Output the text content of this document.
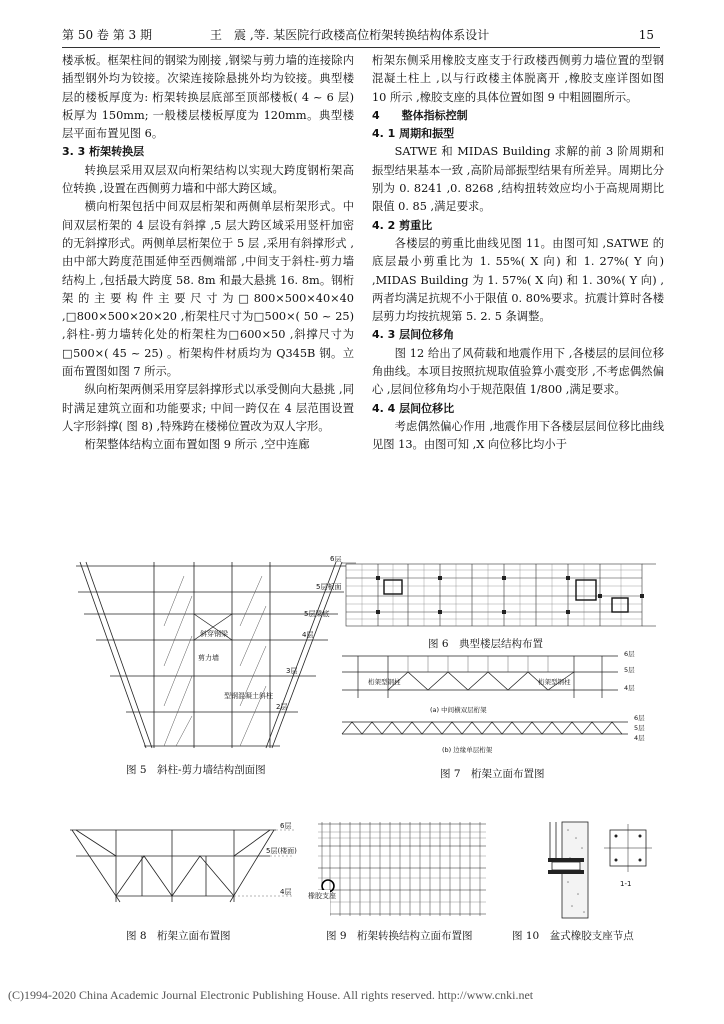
第 50 卷 第 3 期	王　震 ,等. 某医院行政楼高位桁架转换结构体系设计	15

楼承板。框架柱间的钢梁为刚接 ,钢梁与剪力墙的连接除内插型钢外均为铰接。次梁连接除悬挑外均为铰接。典型楼层的楼板厚度为: 桁架转换层底部至顶部楼板( 4 ~ 6 层) 板厚为 150mm; 一般楼层楼板厚度为 120mm。典型楼层平面布置见图 6。

3. 3 桁架转换层

转换层采用双层双向桁架结构以实现大跨度钢桁架高位转换 ,设置在西侧剪力墙和中部大跨区域。

横向桁架包括中间双层桁架和两侧单层桁架形式。中间双层桁架的 4 层设有斜撑 ,5 层大跨区域采用竖杆加密的无斜撑形式。两侧单层桁架位于 5 层 ,采用有斜撑形式 ,由中部大跨度范围延伸至西侧端部 ,中间支于斜柱-剪力墙结构上 ,包括最大跨度 58. 8m 和最大悬挑 16. 8m。钢桁架的主要构件主要尺寸为□800×500×40×40 ,□800×500×20×20 ,桁架柱尺寸为□500×( 50 ~ 25) ,斜柱-剪力墙转化处的桁架柱为□600×50 ,斜撑尺寸为□500×( 45 ~ 25) 。桁架构件材质均为 Q345B 钢。立面布置图如图 7 所示。

纵向桁架两侧采用穿层斜撑形式以承受侧向大悬挑 ,同时满足建筑立面和功能要求; 中间一跨仅在 4 层范围设置人字形斜撑( 图 8) ,特殊跨在楼梯位置改为双人字形。

桁架整体结构立面布置如图 9 所示 ,空中连廊

桁架东侧采用橡胶支座支于行政楼西侧剪力墙位置的型钢混凝土柱上 ,以与行政楼主体脱离开 ,橡胶支座详图如图 10 所示 ,橡胶支座的具体位置如图 9 中粗圆圈所示。

4　　整体指标控制

4. 1 周期和振型

SATWE 和 MIDAS Building 求解的前 3 阶周期和振型结果基本一致 ,高阶局部振型结果有所差异。周期比分别为 0. 8241 ,0. 8268 ,结构扭转效应均小于高规周期比限值 0. 85 ,满足要求。

4. 2 剪重比

各楼层的剪重比曲线见图 11。由图可知 ,SATWE 的底层最小剪重比为 1. 55%( X 向) 和 1. 27%( Y 向) ,MIDAS Building 为 1. 57%( X 向) 和 1. 30%( Y 向) ,两者均满足抗规不小于限值 0. 80%要求。抗震计算时各楼层剪力均按抗规第 5. 2. 5 条调整。

4. 3 层间位移角

图 12 给出了风荷载和地震作用下 ,各楼层的层间位移角曲线。本项目按照抗规取值验算小震变形 ,不考虑偶然偏心 ,层间位移角均小于规范限值 1/800 ,满足要求。

4. 4 层间位移比

考虑偶然偏心作用 ,地震作用下各楼层层间位移比曲线见图 13。由图可知 ,X 向位移比均小于

6层
5层板面
5层梁底
4层
3层
2层
斜穿钢梁
剪力墙
型钢混凝土斜柱
图 5　斜柱-剪力墙结构剖面图
图 6　典型楼层结构布置
6层
5层
4层
桁架型钢柱	桁架型钢柱
6层
5层
4层
(a) 中间横双层桁架
(b) 边缘单层桁架
图 7　桁架立面布置图
6层
5层(楼面)
4层
图 8　桁架立面布置图
橡胶支座
图 9　桁架转换结构立面布置图
1-1
图 10　盆式橡胶支座节点
(C)1994-2020 China Academic Journal Electronic Publishing House. All rights reserved. http://www.cnki.net
